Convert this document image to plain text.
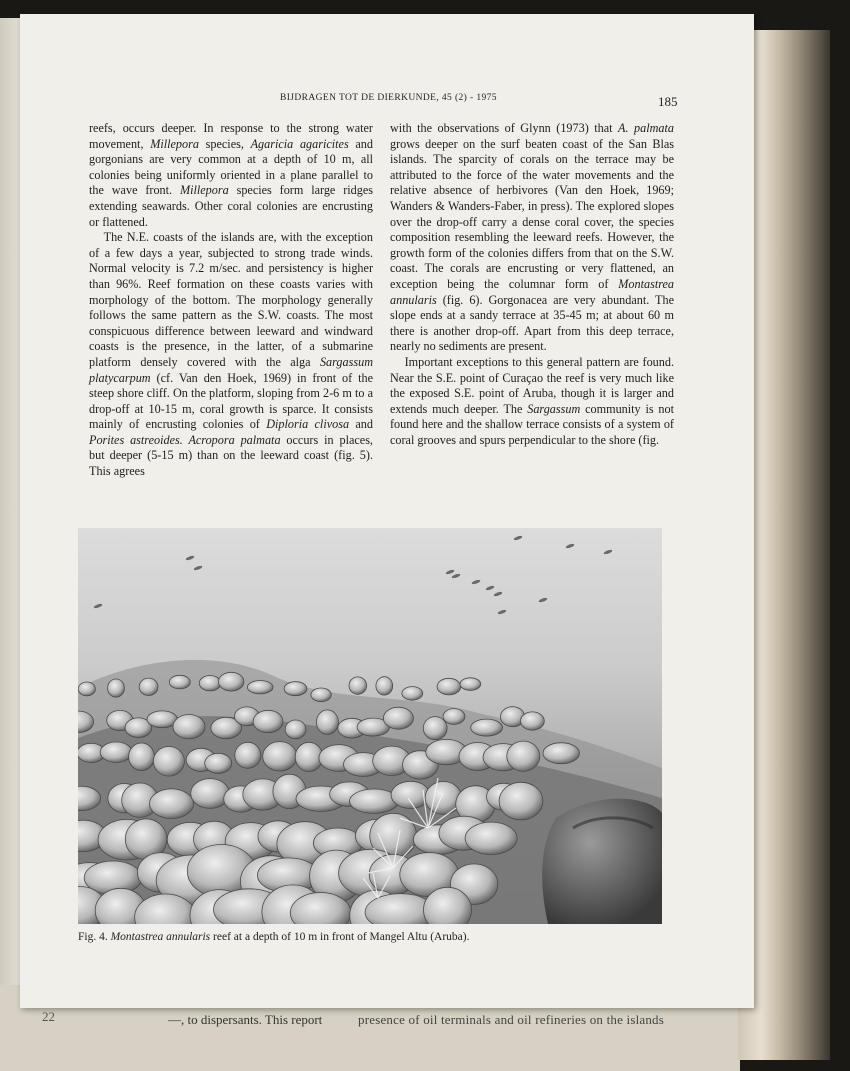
22	—, to dispersants. This report	presence of oil terminals and oil refineries on the islands
BIJDRAGEN TOT DE DIERKUNDE, 45 (2) - 1975	185

reefs, occurs deeper. In response to the strong water movement, Millepora species, Agaricia agaricites and gorgonians are very common at a depth of 10 m, all colonies being uniformly oriented in a plane parallel to the wave front. Millepora species form large ridges extending seawards. Other coral colonies are encrusting or flattened.

The N.E. coasts of the islands are, with the exception of a few days a year, subjected to strong trade winds. Normal velocity is 7.2 m/sec. and persistency is higher than 96%. Reef formation on these coasts varies with morphology of the bottom. The morphology generally follows the same pattern as the S.W. coasts. The most conspicuous difference between leeward and windward coasts is the presence, in the latter, of a submarine platform densely covered with the alga Sargassum platycarpum (cf. Van den Hoek, 1969) in front of the steep shore cliff. On the platform, sloping from 2-6 m to a drop-off at 10-15 m, coral growth is sparce. It consists mainly of encrusting colonies of Diploria clivosa and Porites astreoides. Acropora palmata occurs in places, but deeper (5-15 m) than on the leeward coast (fig. 5). This agrees

with the observations of Glynn (1973) that A. palmata grows deeper on the surf beaten coast of the San Blas islands. The sparcity of corals on the terrace may be attributed to the force of the water movements and the relative absence of herbivores (Van den Hoek, 1969; Wanders & Wanders-Faber, in press). The explored slopes over the drop-off carry a dense coral cover, the species composition resembling the leeward reefs. However, the growth form of the colonies differs from that on the S.W. coast. The corals are encrusting or very flattened, an exception being the columnar form of Montastrea annularis (fig. 6). Gorgonacea are very abundant. The slope ends at a sandy terrace at 35-45 m; at about 60 m there is another drop-off. Apart from this deep terrace, nearly no sediments are present.

Important exceptions to this general pattern are found. Near the S.E. point of Curaçao the reef is very much like the exposed S.E. point of Aruba, though it is larger and extends much deeper. The Sargassum community is not found here and the shallow terrace consists of a system of coral grooves and spurs perpendicular to the shore (fig.

Fig. 4. Montastrea annularis reef at a depth of 10 m in front of Mangel Altu (Aruba).
